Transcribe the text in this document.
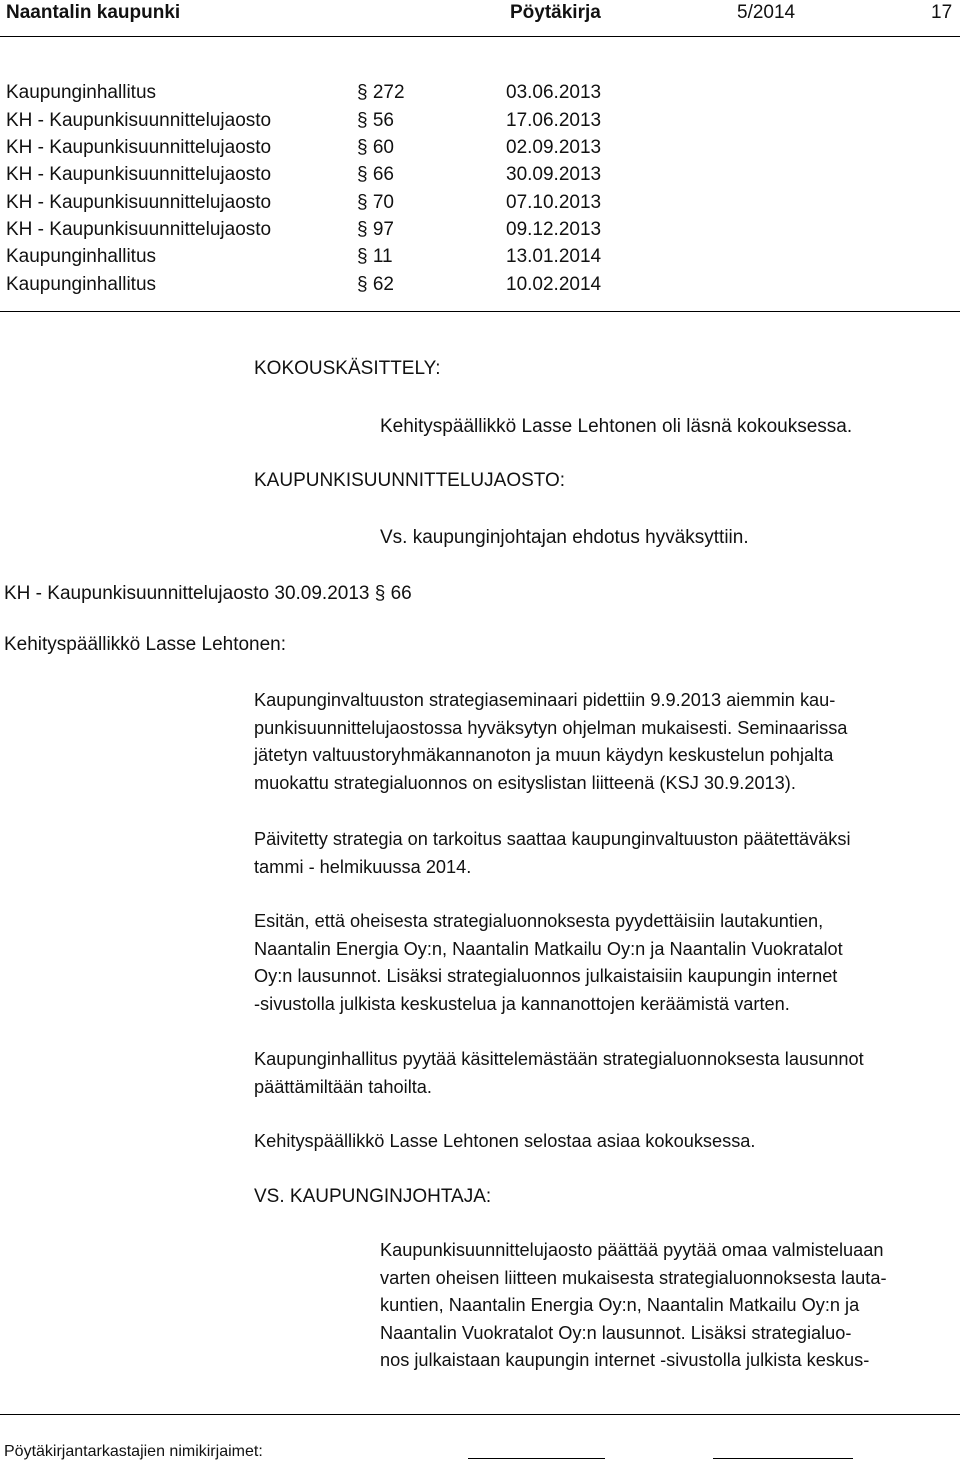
Naantalin kaupunki	Pöytäkirja	5/2014	17
Kaupunginhallitus	§ 272	03.06.2013
KH - Kaupunkisuunnittelujaosto	§ 56	17.06.2013
KH - Kaupunkisuunnittelujaosto	§ 60	02.09.2013
KH - Kaupunkisuunnittelujaosto	§ 66	30.09.2013
KH - Kaupunkisuunnittelujaosto	§ 70	07.10.2013
KH - Kaupunkisuunnittelujaosto	§ 97	09.12.2013
Kaupunginhallitus	§ 11	13.01.2014
Kaupunginhallitus	§ 62	10.02.2014
KOKOUSKÄSITTELY:
Kehityspäällikkö Lasse Lehtonen oli läsnä kokouksessa.
KAUPUNKISUUNNITTELUJAOSTO:
Vs. kaupunginjohtajan ehdotus hyväksyttiin.
KH - Kaupunkisuunnittelujaosto 30.09.2013 § 66
Kehityspäällikkö Lasse Lehtonen:

Kaupunginvaltuuston strategiaseminaari pidettiin 9.9.2013 aiemmin kau-

punkisuunnittelujaostossa hyväksytyn ohjelman mukaisesti. Seminaarissa

jätetyn valtuustoryhmäkannanoton ja muun käydyn keskustelun pohjalta

muokattu strategialuonnos on esityslistan liitteenä (KSJ 30.9.2013).

Päivitetty strategia on tarkoitus saattaa kaupunginvaltuuston päätettäväksi

tammi - helmikuussa 2014.

Esitän, että oheisesta strategialuonnoksesta pyydettäisiin lautakuntien,

Naantalin Energia Oy:n, Naantalin Matkailu Oy:n ja Naantalin Vuokratalot

Oy:n lausunnot. Lisäksi strategialuonnos julkaistaisiin kaupungin internet

-sivustolla julkista keskustelua ja kannanottojen keräämistä varten.

Kaupunginhallitus pyytää käsittelemästään strategialuonnoksesta lausunnot

päättämiltään tahoilta.

Kehityspäällikkö Lasse Lehtonen selostaa asiaa kokouksessa.

VS. KAUPUNGINJOHTAJA:

Kaupunkisuunnittelujaosto päättää pyytää omaa valmisteluaan

varten oheisen liitteen mukaisesta strategialuonnoksesta lauta-

kuntien, Naantalin Energia Oy:n, Naantalin Matkailu Oy:n ja

Naantalin Vuokratalot Oy:n lausunnot. Lisäksi strategialuo-

nos julkaistaan kaupungin internet -sivustolla julkista keskus-

Pöytäkirjantarkastajien nimikirjaimet:
